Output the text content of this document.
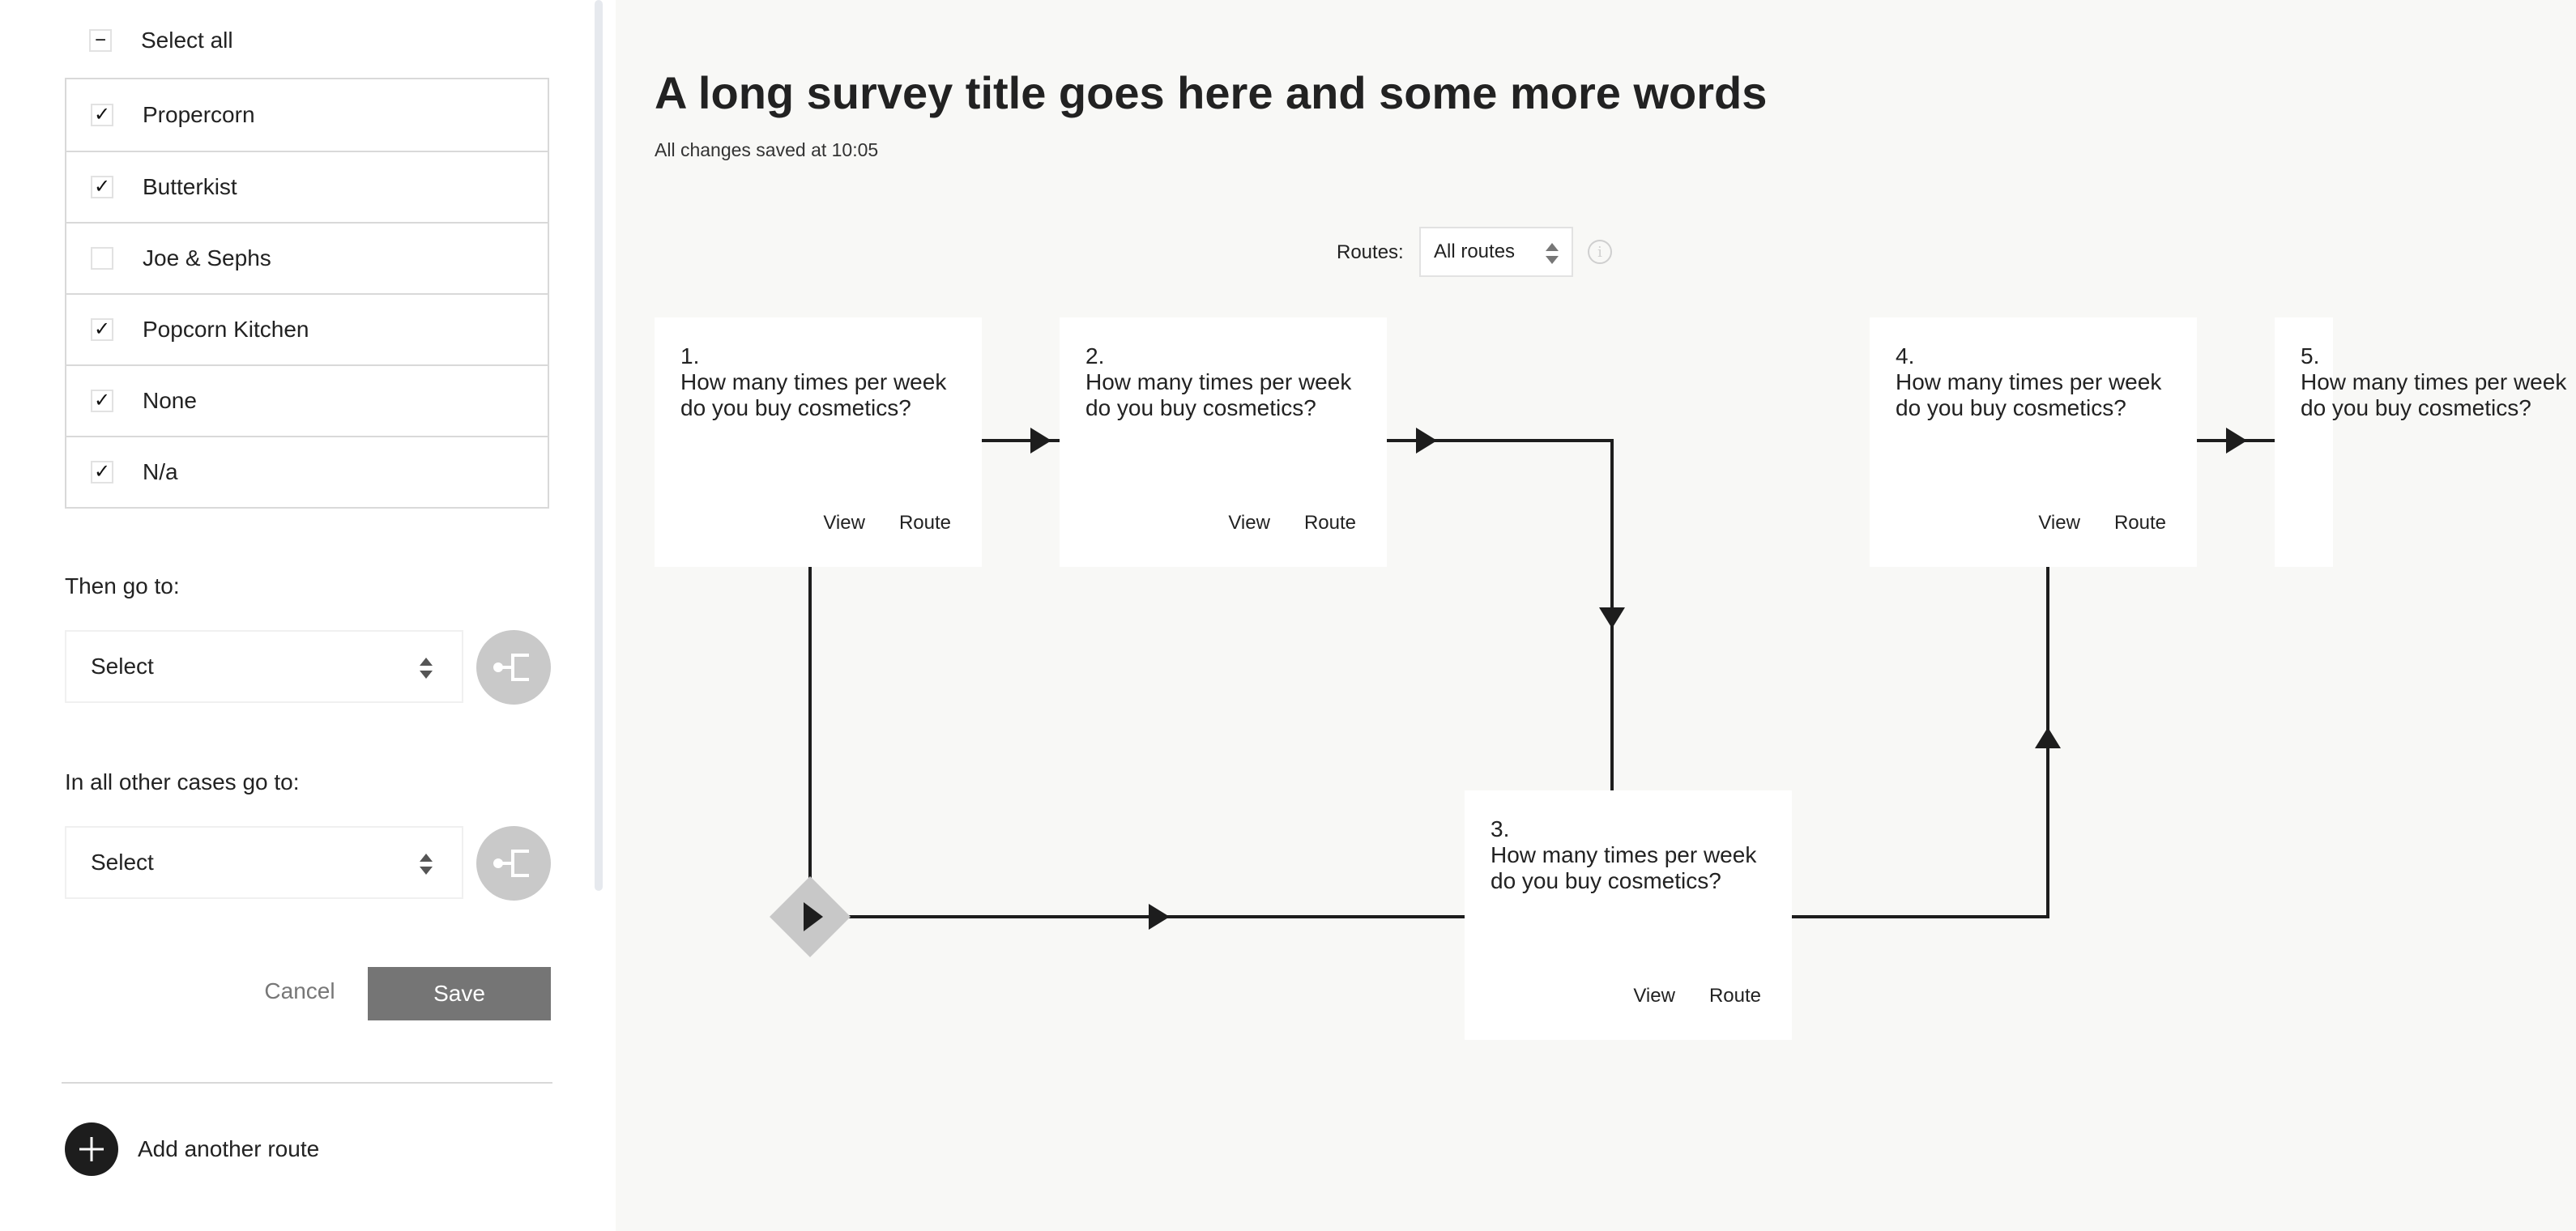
− Select all
✓ Propercorn
✓ Butterkist
Joe & Sephs
✓ Popcorn Kitchen
✓ None
✓ N/a
Then go to:
Select
In all other cases go to:
Select
Cancel	Save
Add another route
A long survey title goes here and some more words
All changes saved at 10:05
Routes: All routes	i
1.
How many times per week do you buy cosmetics?
View Route
2.
How many times per week do you buy cosmetics?
View Route
3.
How many times per week do you buy cosmetics?
View Route
4.
How many times per week do you buy cosmetics?
View Route
5.
How many times per week do you buy cosmetics?
